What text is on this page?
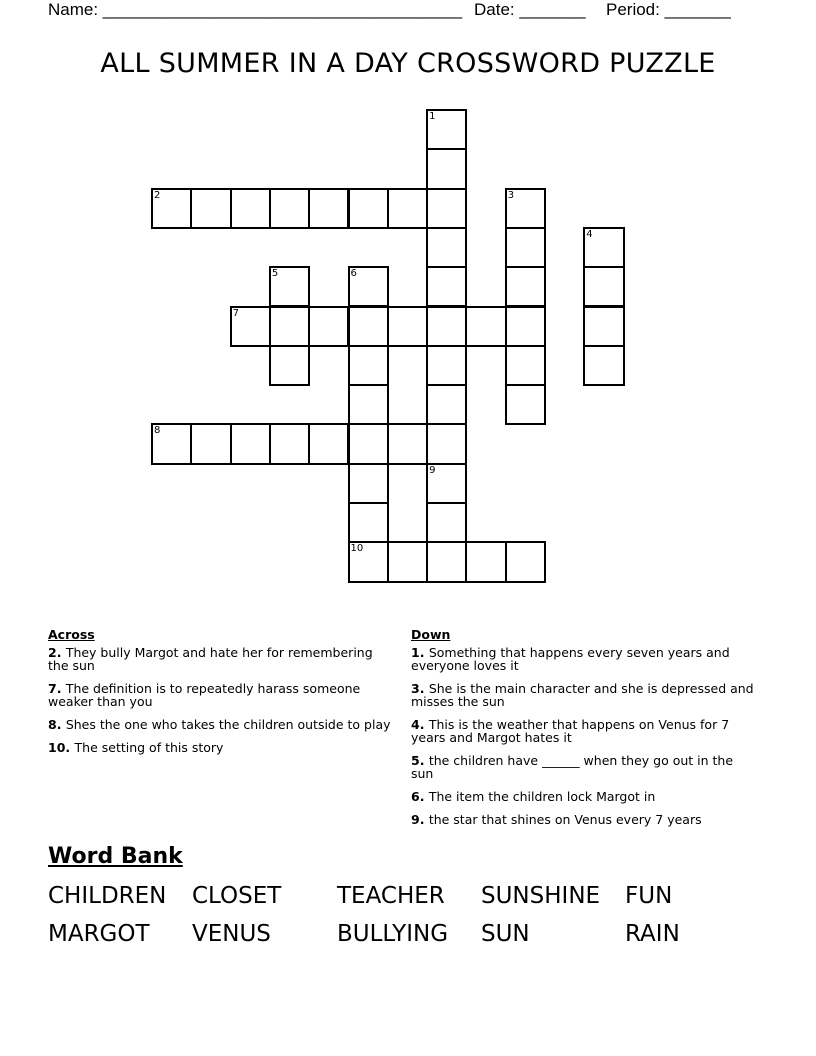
Name: ______________________________________ Date: _______ Period: _______
ALL SUMMER IN A DAY CROSSWORD PUZZLE
2
7
8
10
1
3
4
5	6
9
Across
2. They bully Margot and hate her for remembering the sun
7. The definition is to repeatedly harass someone weaker than you
8. Shes the one who takes the children outside to play
10. The setting of this story
Down
1. Something that happens every seven years and everyone loves it
3. She is the main character and she is depressed and misses the sun
4. This is the weather that happens on Venus for 7 years and Margot hates it
5. the children have ______ when they go out in the sun
6. The item the children lock Margot in
9. the star that shines on Venus every 7 years
Word Bank
CHILDREN CLOSET TEACHER SUNSHINE FUN
MARGOT VENUS	BULLYING SUN	RAIN
